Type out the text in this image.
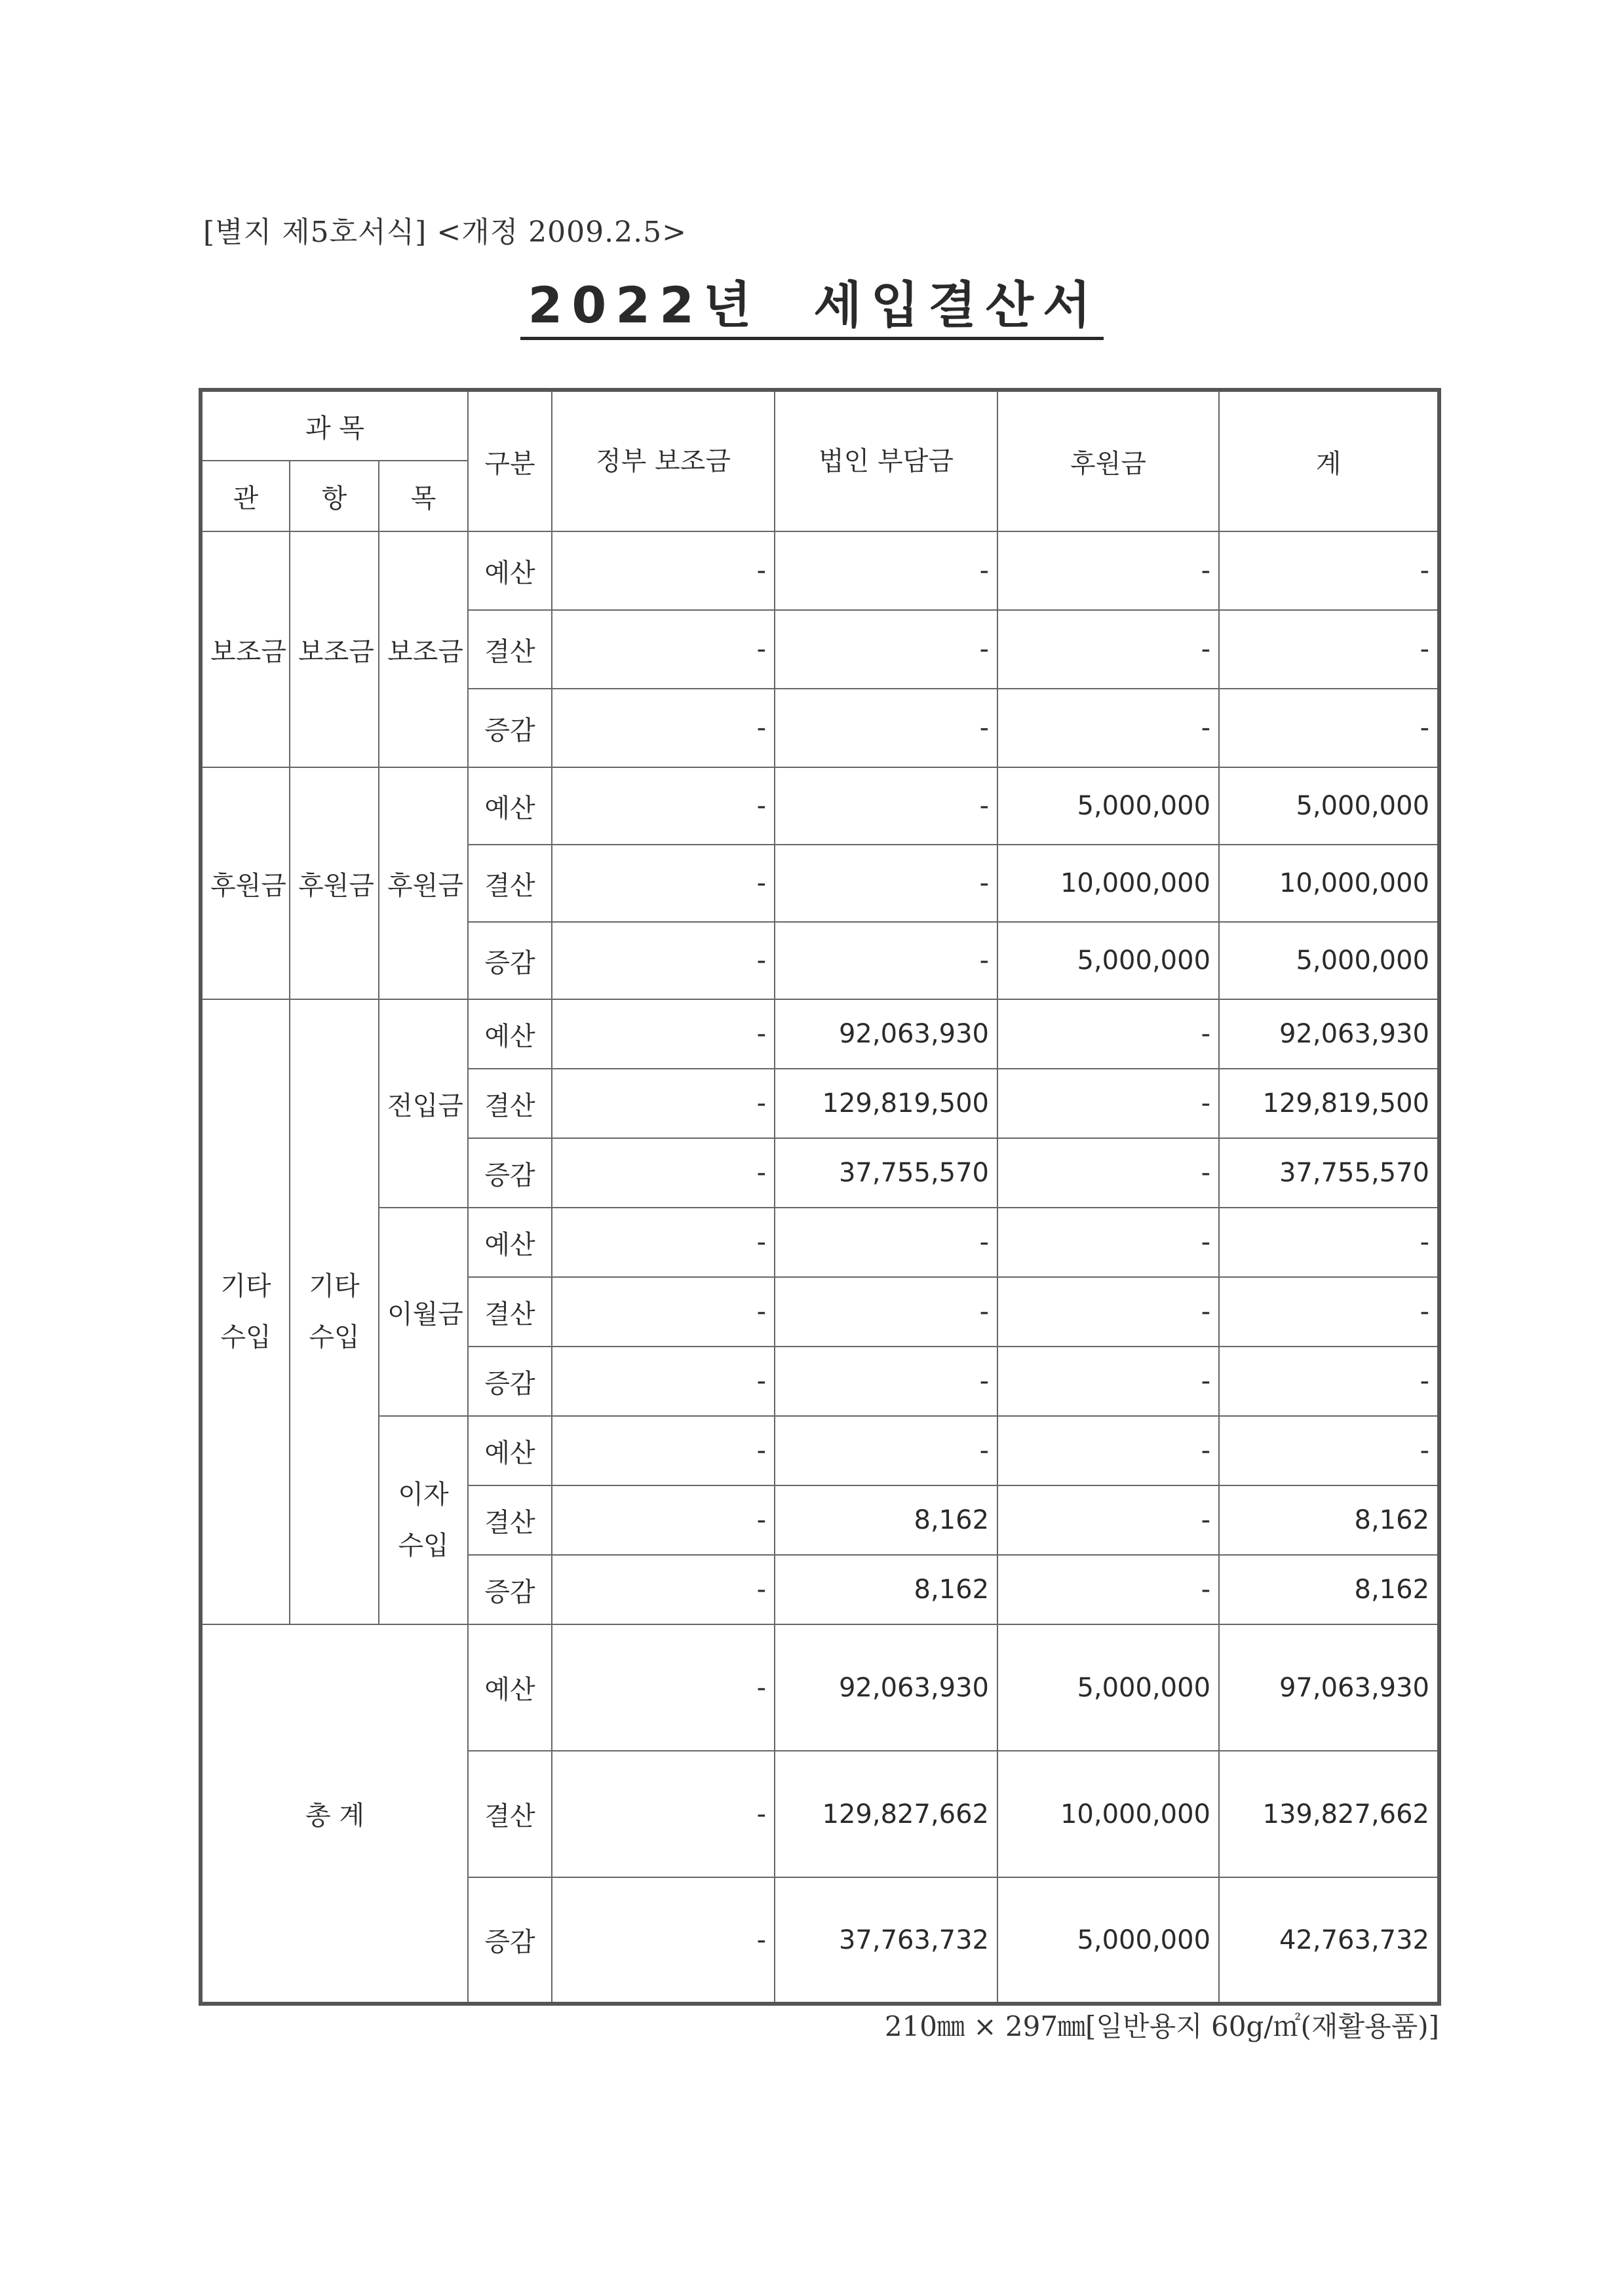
[별지 제5호서식] <개정 2009.2.5>
2022년  세입결산서
과 목			구분	정부 보조금	법인 부담금	후원금	계
관	항	목					
보조금	보조금	보조금	예산	-	-	-	-
			결산	-	-	-	-
			증감	-	-	-	-
후원금	후원금	후원금	예산	-	-	5,000,000	5,000,000
			결산	-	-	10,000,000	10,000,000
			증감	-	-	5,000,000	5,000,000
기타 수입	기타 수입	전입금	예산	-	92,063,930	-	92,063,930
			결산	-	129,819,500	-	129,819,500
			증감	-	37,755,570	-	37,755,570
		이월금	예산	-	-	-	-
			결산	-	-	-	-
			증감	-	-	-	-
		이자 수입	예산	-	-	-	-
			결산	-	8,162	-	8,162
			증감	-	8,162	-	8,162
총 계			예산	-	92,063,930	5,000,000	97,063,930
			결산	-	129,827,662	10,000,000	139,827,662
			증감	-	37,763,732	5,000,000	42,763,732
210㎜ × 297㎜[일반용지 60g/㎡(재활용품)]
